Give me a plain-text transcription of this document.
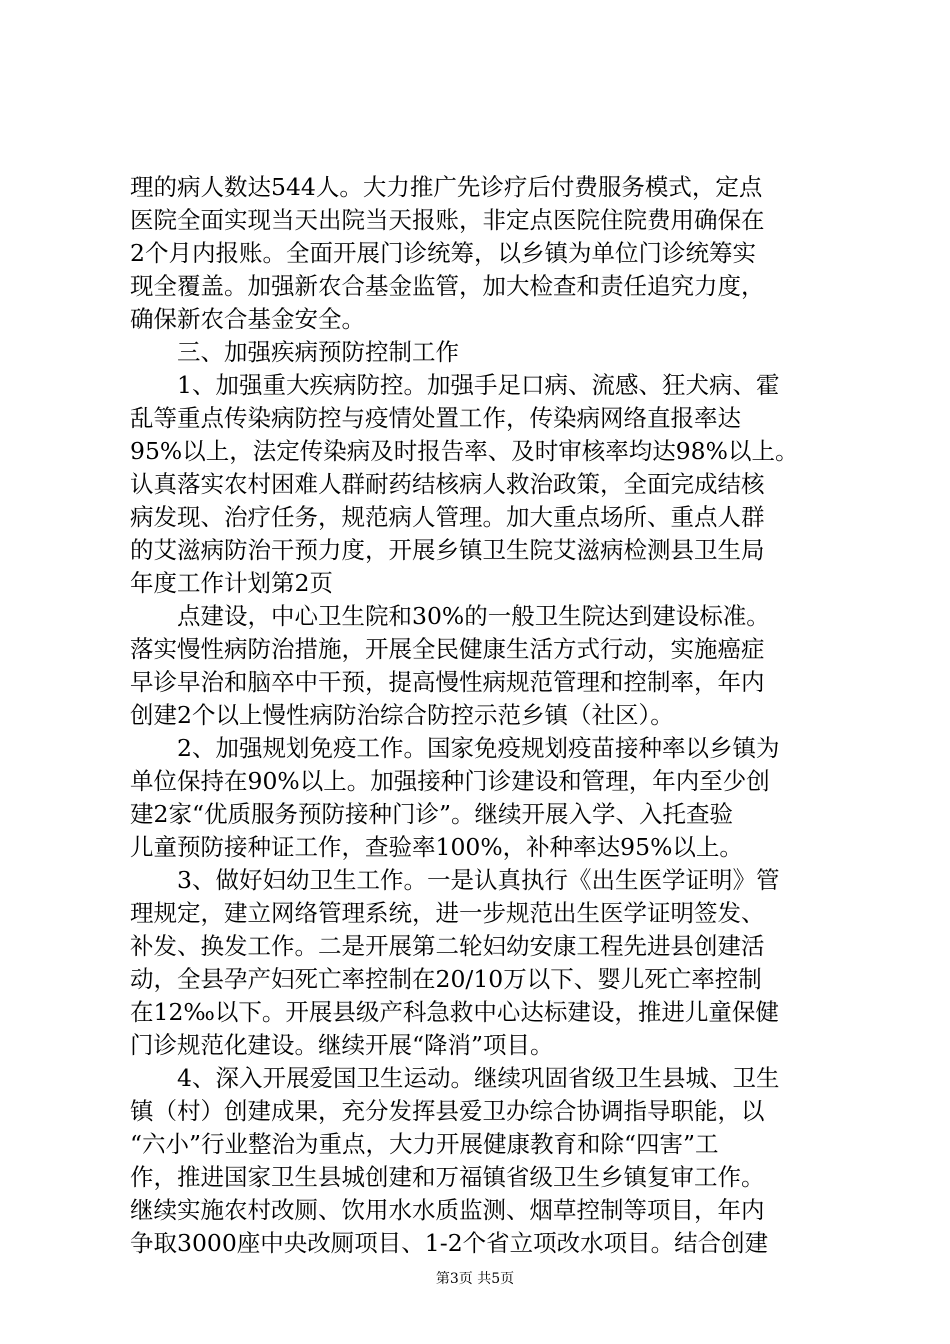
理的病人数达544人。大力推广先诊疗后付费服务模式，定点
医院全面实现当天出院当天报账，非定点医院住院费用确保在
2个月内报账。全面开展门诊统筹，以乡镇为单位门诊统筹实
现全覆盖。加强新农合基金监管，加大检查和责任追究力度，
确保新农合基金安全。
　　三、加强疾病预防控制工作
　　1、加强重大疾病防控。加强手足口病、流感、狂犬病、霍
乱等重点传染病防控与疫情处置工作，传染病网络直报率达
95%以上，法定传染病及时报告率、及时审核率均达98%以上。
认真落实农村困难人群耐药结核病人救治政策，全面完成结核
病发现、治疗任务，规范病人管理。加大重点场所、重点人群
的艾滋病防治干预力度，开展乡镇卫生院艾滋病检测县卫生局
年度工作计划第2页
　　点建设，中心卫生院和30%的一般卫生院达到建设标准。
落实慢性病防治措施，开展全民健康生活方式行动，实施癌症
早诊早治和脑卒中干预，提高慢性病规范管理和控制率，年内
创建2个以上慢性病防治综合防控示范乡镇（社区）。
　　2、加强规划免疫工作。国家免疫规划疫苗接种率以乡镇为
单位保持在90%以上。加强接种门诊建设和管理，年内至少创
建2家“优质服务预防接种门诊”。继续开展入学、入托查验
儿童预防接种证工作，查验率100%，补种率达95%以上。
　　3、做好妇幼卫生工作。一是认真执行《出生医学证明》管
理规定，建立网络管理系统，进一步规范出生医学证明签发、
补发、换发工作。二是开展第二轮妇幼安康工程先进县创建活
动，全县孕产妇死亡率控制在20/10万以下、婴儿死亡率控制
在12‰以下。开展县级产科急救中心达标建设，推进儿童保健
门诊规范化建设。继续开展“降消”项目。
　　4、深入开展爱国卫生运动。继续巩固省级卫生县城、卫生
镇（村）创建成果，充分发挥县爱卫办综合协调指导职能，以
“六小”行业整治为重点，大力开展健康教育和除“四害”工
作，推进国家卫生县城创建和万福镇省级卫生乡镇复审工作。
继续实施农村改厕、饮用水水质监测、烟草控制等项目，年内
争取3000座中央改厕项目、1-2个省立项改水项目。结合创建
第3页 共5页
